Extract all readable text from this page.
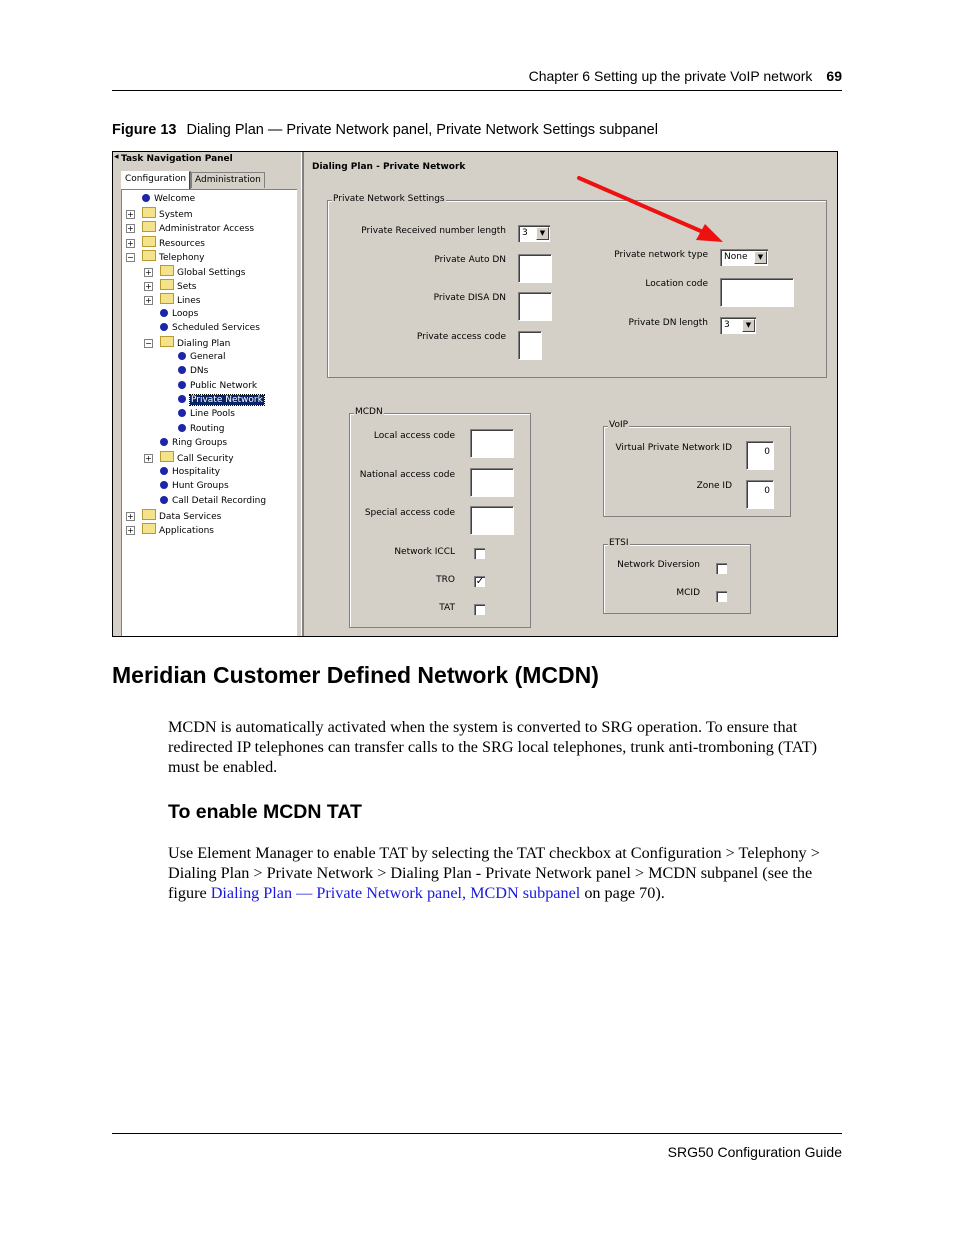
Chapter 6 Setting up the private VoIP network 69
Figure 13 Dialing Plan — Private Network panel, Private Network Settings subpanel
◂ Task Navigation Panel
Configuration Administration
Welcome
+	System
+	Administrator Access
+	Resources
−	Telephony
+	Global Settings
+	Sets
+	Lines
Loops
Scheduled Services
−	Dialing Plan
General
DNs
Public Network
Private Network
Line Pools
Routing
Ring Groups
+	Call Security
Hospitality
Hunt Groups
Call Detail Recording
+	Data Services
+	Applications
Dialing Plan - Private Network
Private Network Settings
Private Received number length	3	▼
Private Auto DN
Private DISA DN
Private access code
Private network type	None	▼
Location code
Private DN length	3	▼
MCDN
Local access code
National access code
Special access code
Network ICCL
TRO ✓
TAT
VoIP
Virtual Private Network ID	0
Zone ID	0
ETSI
Network Diversion
MCID
Meridian Customer Defined Network (MCDN)

MCDN is automatically activated when the system is converted to SRG operation. To ensure that redirected IP telephones can transfer calls to the SRG local telephones, trunk anti-tromboning (TAT) must be enabled.

To enable MCDN TAT

Use Element Manager to enable TAT by selecting the TAT checkbox at Configuration > Telephony > Dialing Plan > Private Network > Dialing Plan - Private Network panel > MCDN subpanel (see the figure Dialing Plan — Private Network panel, MCDN subpanel on page 70).

SRG50 Configuration Guide
